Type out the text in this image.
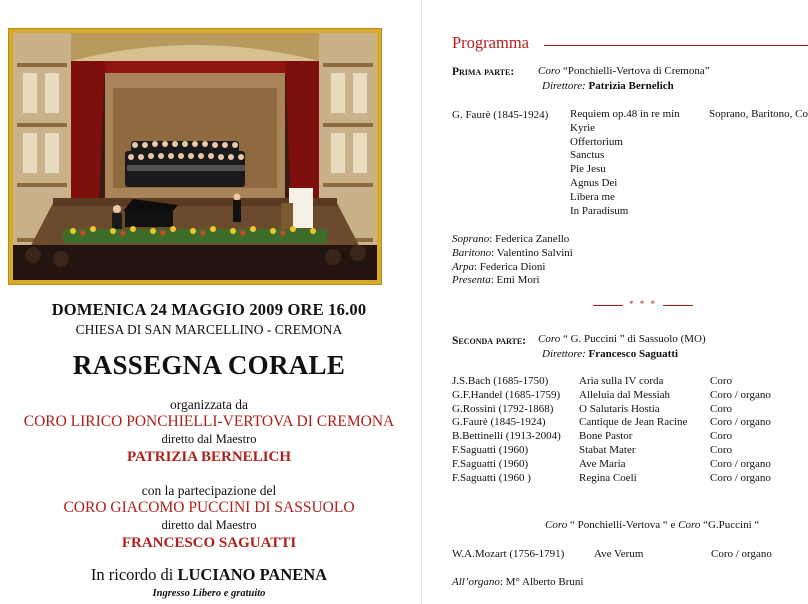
DOMENICA 24 MAGGIO 2009 ORE 16.00
CHIESA DI SAN MARCELLINO - CREMONA
RASSEGNA CORALE
organizzata da
CORO LIRICO PONCHIELLI-VERTOVA DI CREMONA
diretto dal Maestro
PATRIZIA BERNELICH
con la partecipazione del
CORO GIACOMO PUCCINI DI SASSUOLO
diretto dal Maestro
FRANCESCO SAGUATTI
In ricordo di LUCIANO PANENA
Ingresso Libero e gratuito
Programma
Prima parte: Coro “Ponchielli-Vertova di Cremona”
Direttore: Patrizia Bernelich
G. Faurè (1845-1924) Requiem op.48 in re min
Kyrie
Offertorium
Sanctus
Pie Jesu
Agnus Dei
Libera me
In Paradisum
Soprano, Baritono, Co
Soprano: Federica Zanello
Baritono: Valentino Salvini
Arpa: Federica Dioni
Presenta: Emi Mori
* * *
Seconda parte: Coro “ G. Puccini ” di Sassuolo (MO)
Direttore: Francesco Saguatti
J.S.Bach (1685-1750)
G.F.Handel (1685-1759)
G.Rossini (1792-1868)
G.Faurè (1845-1924)
B.Bettinelli (1913-2004)
F.Saguatti (1960)
F.Saguatti (1960)
F.Saguatti (1960 )
Aria sulla IV corda
Alleluia dal Messiah
O Salutaris Hostia
Cantique de Jean Racine
Bone Pastor
Stabat Mater
Ave Maria
Regina Coeli
Coro
Coro / organo
Coro
Coro / organo
Coro
Coro
Coro / organo
Coro / organo
Coro “ Ponchielli-Vertova “ e Coro “G.Puccini “
W.A.Mozart (1756-1791)	Ave Verum	Coro / organo
All’organo: M° Alberto Bruni
